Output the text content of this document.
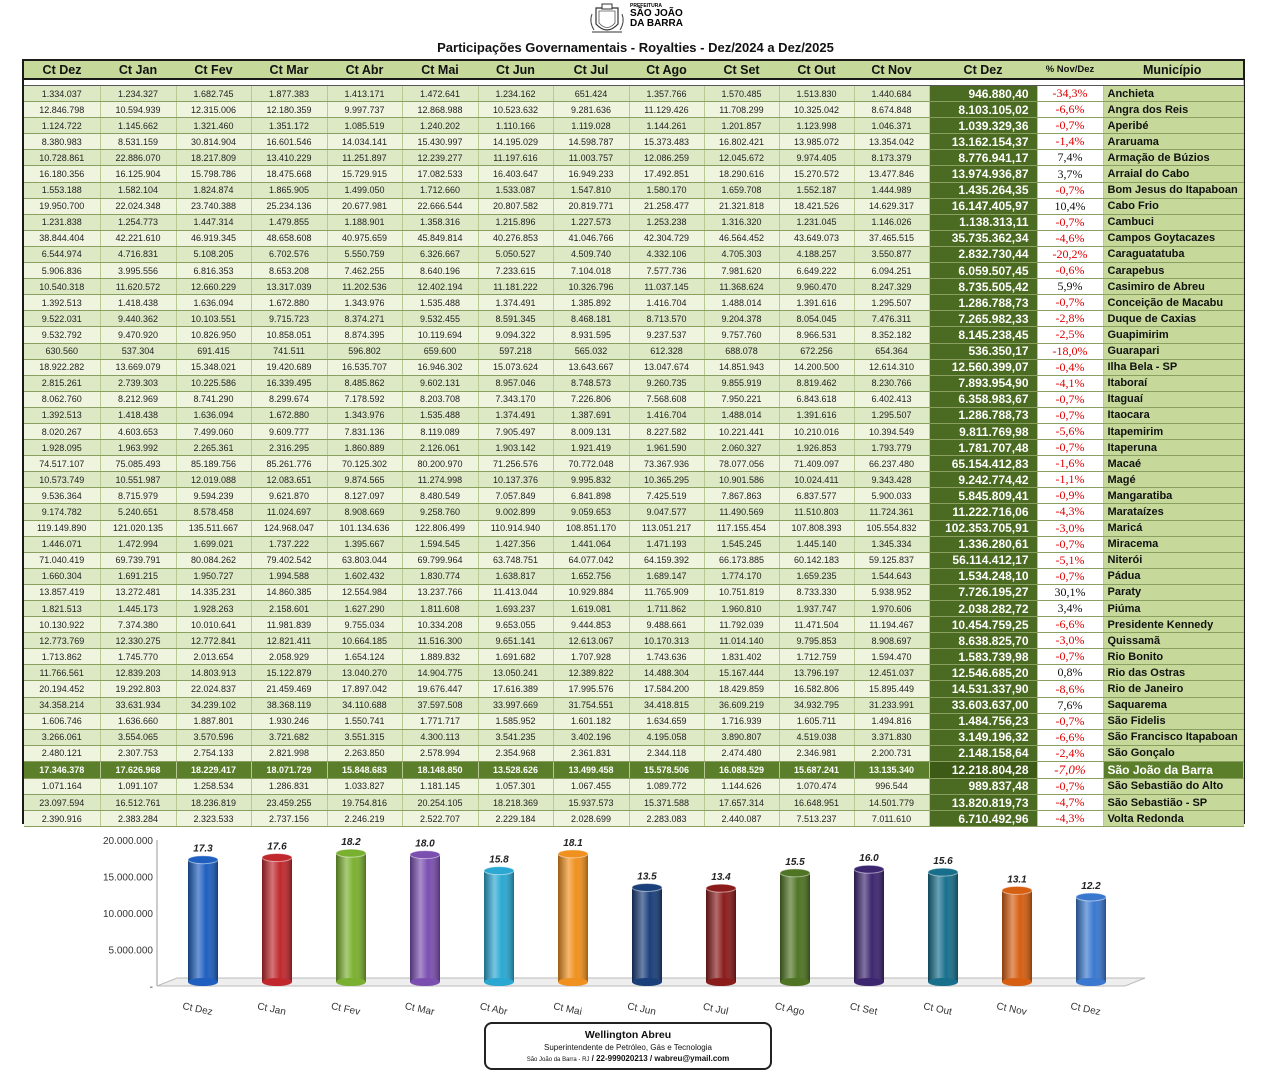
PREFEITURA
SÃO JOÃO
DA BARRA
Participações Governamentais - Royalties - Dez/2024 a Dez/2025
Ct Dez	Ct Jan	Ct Fev	Ct Mar	Ct Abr	Ct Mai	Ct Jun	Ct Jul	Ct Ago	Ct Set	Ct Out	Ct Nov	Ct Dez	% Nov/Dez	Município

1.334.037	1.234.327	1.682.745	1.877.383	1.413.171	1.472.641	1.234.162	651.424	1.357.766	1.570.485	1.513.830	1.440.684	946.880,40	-34,3%	Anchieta
12.846.798	10.594.939	12.315.006	12.180.359	9.997.737	12.868.988	10.523.632	9.281.636	11.129.426	11.708.299	10.325.042	8.674.848	8.103.105,02	-6,6%	Angra dos Reis
1.124.722	1.145.662	1.321.460	1.351.172	1.085.519	1.240.202	1.110.166	1.119.028	1.144.261	1.201.857	1.123.998	1.046.371	1.039.329,36	-0,7%	Aperibé
8.380.983	8.531.159	30.814.904	16.601.546	14.034.141	15.430.997	14.195.029	14.598.787	15.373.483	16.802.421	13.985.072	13.354.042	13.162.154,37	-1,4%	Araruama
10.728.861	22.886.070	18.217.809	13.410.229	11.251.897	12.239.277	11.197.616	11.003.757	12.086.259	12.045.672	9.974.405	8.173.379	8.776.941,17	7,4%	Armação de Búzios
16.180.356	16.125.904	15.798.786	18.475.668	15.729.915	17.082.533	16.403.647	16.949.233	17.492.851	18.290.616	15.270.572	13.477.846	13.974.936,87	3,7%	Arraial do Cabo
1.553.188	1.582.104	1.824.874	1.865.905	1.499.050	1.712.660	1.533.087	1.547.810	1.580.170	1.659.708	1.552.187	1.444.989	1.435.264,35	-0,7%	Bom Jesus do Itapaboan
19.950.700	22.024.348	23.740.388	25.234.136	20.677.981	22.666.544	20.807.582	20.819.771	21.258.477	21.321.818	18.421.526	14.629.317	16.147.405,97	10,4%	Cabo Frio
1.231.838	1.254.773	1.447.314	1.479.855	1.188.901	1.358.316	1.215.896	1.227.573	1.253.238	1.316.320	1.231.045	1.146.026	1.138.313,11	-0,7%	Cambuci
38.844.404	42.221.610	46.919.345	48.658.608	40.975.659	45.849.814	40.276.853	41.046.766	42.304.729	46.564.452	43.649.073	37.465.515	35.735.362,34	-4,6%	Campos Goytacazes
6.544.974	4.716.831	5.108.205	6.702.576	5.550.759	6.326.667	5.050.527	4.509.740	4.332.106	4.705.303	4.188.257	3.550.877	2.832.730,44	-20,2%	Caraguatatuba
5.906.836	3.995.556	6.816.353	8.653.208	7.462.255	8.640.196	7.233.615	7.104.018	7.577.736	7.981.620	6.649.222	6.094.251	6.059.507,45	-0,6%	Carapebus
10.540.318	11.620.572	12.660.229	13.317.039	11.202.536	12.402.194	11.181.222	10.326.796	11.037.145	11.368.624	9.960.470	8.247.329	8.735.505,42	5,9%	Casimiro de Abreu
1.392.513	1.418.438	1.636.094	1.672.880	1.343.976	1.535.488	1.374.491	1.385.892	1.416.704	1.488.014	1.391.616	1.295.507	1.286.788,73	-0,7%	Conceição de Macabu
9.522.031	9.440.362	10.103.551	9.715.723	8.374.271	9.532.455	8.591.345	8.468.181	8.713.570	9.204.378	8.054.045	7.476.311	7.265.982,33	-2,8%	Duque de Caxias
9.532.792	9.470.920	10.826.950	10.858.051	8.874.395	10.119.694	9.094.322	8.931.595	9.237.537	9.757.760	8.966.531	8.352.182	8.145.238,45	-2,5%	Guapimirim
630.560	537.304	691.415	741.511	596.802	659.600	597.218	565.032	612.328	688.078	672.256	654.364	536.350,17	-18,0%	Guarapari
18.922.282	13.669.079	15.348.021	19.420.689	16.535.707	16.946.302	15.073.624	13.643.667	13.047.674	14.851.943	14.200.500	12.614.310	12.560.399,07	-0,4%	Ilha Bela - SP
2.815.261	2.739.303	10.225.586	16.339.495	8.485.862	9.602.131	8.957.046	8.748.573	9.260.735	9.855.919	8.819.462	8.230.766	7.893.954,90	-4,1%	Itaboraí
8.062.760	8.212.969	8.741.290	8.299.674	7.178.592	8.203.708	7.343.170	7.226.806	7.568.608	7.950.221	6.843.618	6.402.413	6.358.983,67	-0,7%	Itaguaí
1.392.513	1.418.438	1.636.094	1.672.880	1.343.976	1.535.488	1.374.491	1.387.691	1.416.704	1.488.014	1.391.616	1.295.507	1.286.788,73	-0,7%	Itaocara
8.020.267	4.603.653	7.499.060	9.609.777	7.831.136	8.119.089	7.905.497	8.009.131	8.227.582	10.221.441	10.210.016	10.394.549	9.811.769,98	-5,6%	Itapemirim
1.928.095	1.963.992	2.265.361	2.316.295	1.860.889	2.126.061	1.903.142	1.921.419	1.961.590	2.060.327	1.926.853	1.793.779	1.781.707,48	-0,7%	Itaperuna
74.517.107	75.085.493	85.189.756	85.261.776	70.125.302	80.200.970	71.256.576	70.772.048	73.367.936	78.077.056	71.409.097	66.237.480	65.154.412,83	-1,6%	Macaé
10.573.749	10.551.987	12.019.088	12.083.651	9.874.565	11.274.998	10.137.376	9.995.832	10.365.295	10.901.586	10.024.411	9.343.428	9.242.774,42	-1,1%	Magé
9.536.364	8.715.979	9.594.239	9.621.870	8.127.097	8.480.549	7.057.849	6.841.898	7.425.519	7.867.863	6.837.577	5.900.033	5.845.809,41	-0,9%	Mangaratiba
9.174.782	5.240.651	8.578.458	11.024.697	8.908.669	9.258.760	9.002.899	9.059.653	9.047.577	11.490.569	11.510.803	11.724.361	11.222.716,06	-4,3%	Marataízes
119.149.890	121.020.135	135.511.667	124.968.047	101.134.636	122.806.499	110.914.940	108.851.170	113.051.217	117.155.454	107.808.393	105.554.832	102.353.705,91	-3,0%	Maricá
1.446.071	1.472.994	1.699.021	1.737.222	1.395.667	1.594.545	1.427.356	1.441.064	1.471.193	1.545.245	1.445.140	1.345.334	1.336.280,61	-0,7%	Miracema
71.040.419	69.739.791	80.084.262	79.402.542	63.803.044	69.799.964	63.748.751	64.077.042	64.159.392	66.173.885	60.142.183	59.125.837	56.114.412,17	-5,1%	Niterói
1.660.304	1.691.215	1.950.727	1.994.588	1.602.432	1.830.774	1.638.817	1.652.756	1.689.147	1.774.170	1.659.235	1.544.643	1.534.248,10	-0,7%	Pádua
13.857.419	13.272.481	14.335.231	14.860.385	12.554.984	13.237.766	11.413.044	10.929.884	11.765.909	10.751.819	8.733.330	5.938.952	7.726.195,27	30,1%	Paraty
1.821.513	1.445.173	1.928.263	2.158.601	1.627.290	1.811.608	1.693.237	1.619.081	1.711.862	1.960.810	1.937.747	1.970.606	2.038.282,72	3,4%	Piúma
10.130.922	7.374.380	10.010.641	11.981.839	9.755.034	10.334.208	9.653.055	9.444.853	9.488.661	11.792.039	11.471.504	11.194.467	10.454.759,25	-6,6%	Presidente Kennedy
12.773.769	12.330.275	12.772.841	12.821.411	10.664.185	11.516.300	9.651.141	12.613.067	10.170.313	11.014.140	9.795.853	8.908.697	8.638.825,70	-3,0%	Quissamã
1.713.862	1.745.770	2.013.654	2.058.929	1.654.124	1.889.832	1.691.682	1.707.928	1.743.636	1.831.402	1.712.759	1.594.470	1.583.739,98	-0,7%	Rio Bonito
11.766.561	12.839.203	14.803.913	15.122.879	13.040.270	14.904.775	13.050.241	12.389.822	14.488.304	15.167.444	13.796.197	12.451.037	12.546.685,20	0,8%	Rio das Ostras
20.194.452	19.292.803	22.024.837	21.459.469	17.897.042	19.676.447	17.616.389	17.995.576	17.584.200	18.429.859	16.582.806	15.895.449	14.531.337,90	-8,6%	Rio de Janeiro
34.358.214	33.631.934	34.239.102	38.368.119	34.110.688	37.597.508	33.997.669	31.754.551	34.418.815	36.609.219	34.932.795	31.233.991	33.603.637,00	7,6%	Saquarema
1.606.746	1.636.660	1.887.801	1.930.246	1.550.741	1.771.717	1.585.952	1.601.182	1.634.659	1.716.939	1.605.711	1.494.816	1.484.756,23	-0,7%	São Fidelis
3.266.061	3.554.065	3.570.596	3.721.682	3.551.315	4.300.113	3.541.235	3.402.196	4.195.058	3.890.807	4.519.038	3.371.830	3.149.196,32	-6,6%	São Francisco Itapaboan
2.480.121	2.307.753	2.754.133	2.821.998	2.263.850	2.578.994	2.354.968	2.361.831	2.344.118	2.474.480	2.346.981	2.200.731	2.148.158,64	-2,4%	São Gonçalo
17.346.378	17.626.968	18.229.417	18.071.729	15.848.683	18.148.850	13.528.626	13.499.458	15.578.506	16.088.529	15.687.241	13.135.340	12.218.804,28	-7,0%	São João da Barra
1.071.164	1.091.107	1.258.534	1.286.831	1.033.827	1.181.145	1.057.301	1.067.455	1.089.772	1.144.626	1.070.474	996.544	989.837,48	-0,7%	São Sebastião do Alto
23.097.594	16.512.761	18.236.819	23.459.255	19.754.816	20.254.105	18.218.369	15.937.573	15.371.588	17.657.314	16.648.951	14.501.779	13.820.819,73	-4,7%	São Sebastião - SP
2.390.916	2.383.284	2.323.533	2.737.156	2.246.219	2.522.707	2.229.184	2.028.699	2.283.083	2.440.087	7.513.237	7.011.610	6.710.492,96	-4,3%	Volta Redonda
-
5.000.000
10.000.000
15.000.000
20.000.000
17.3	17.6	18.2	18.0
15.8
18.1
13.5	13.4
15.5	16.0	15.6
13.1
12.2
Ct Dez	Ct Jan	Ct Fev	Ct Mar	Ct Abr	Ct Mai	Ct Jun	Ct Jul	Ct Ago	Ct Set	Ct Out	Ct Nov	Ct Dez
Wellington Abreu
Superintendente de Petróleo, Gás e Tecnologia
São João da Barra - RJ / 22-999020213 / wabreu@ymail.com
